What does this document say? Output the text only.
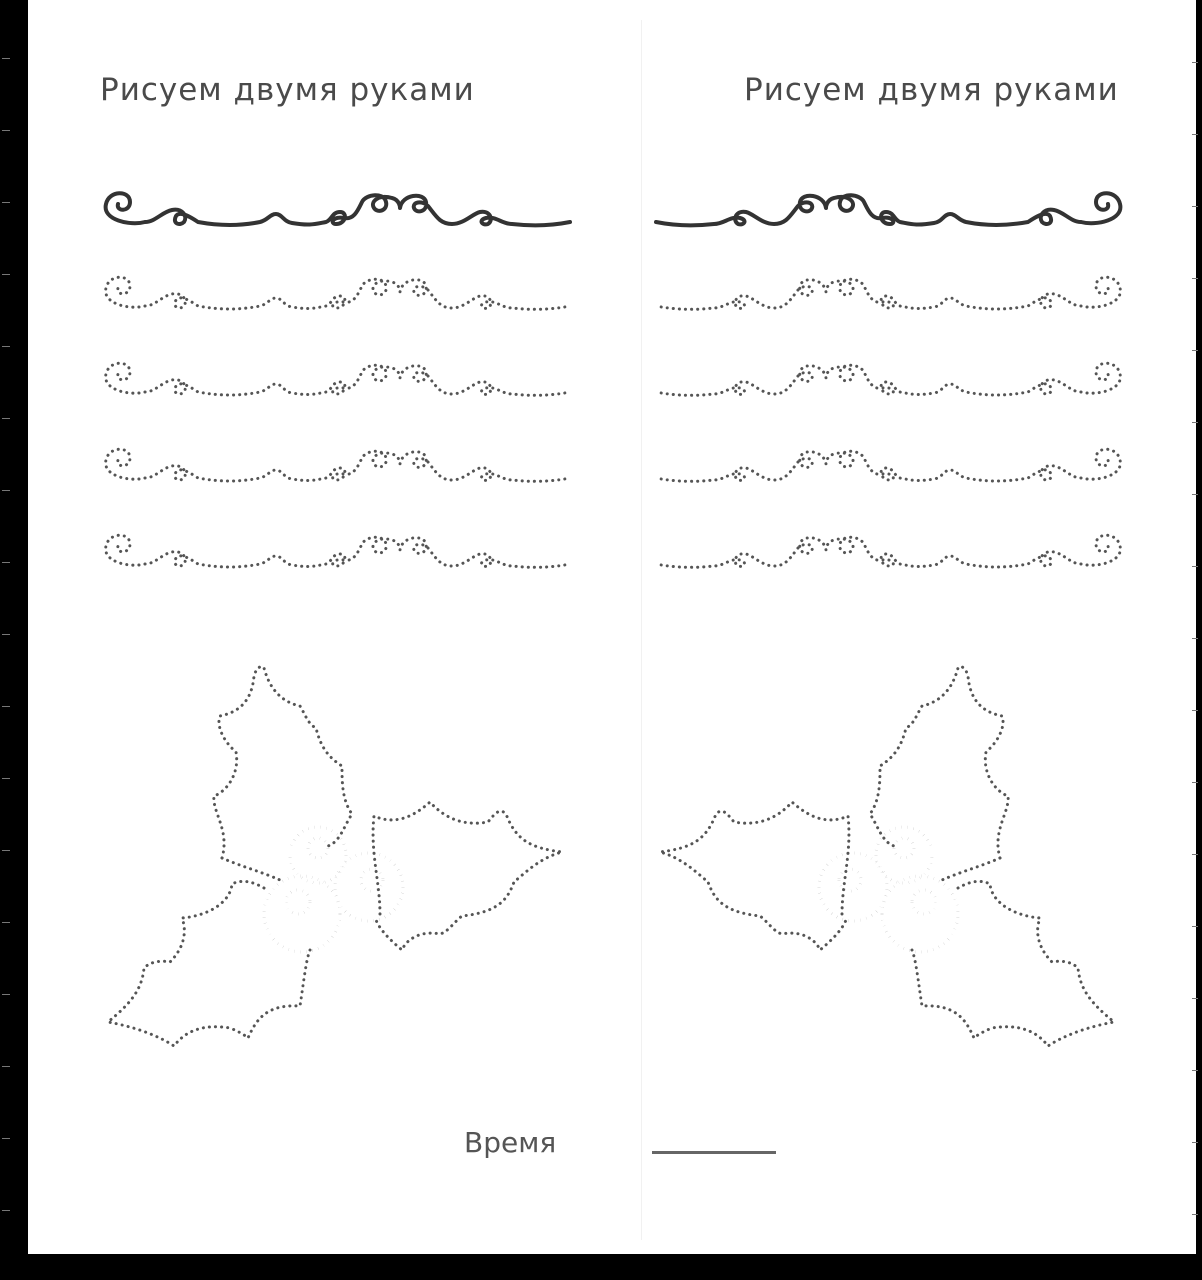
Рисуем двумя руками	Рисуем двумя руками
Время
